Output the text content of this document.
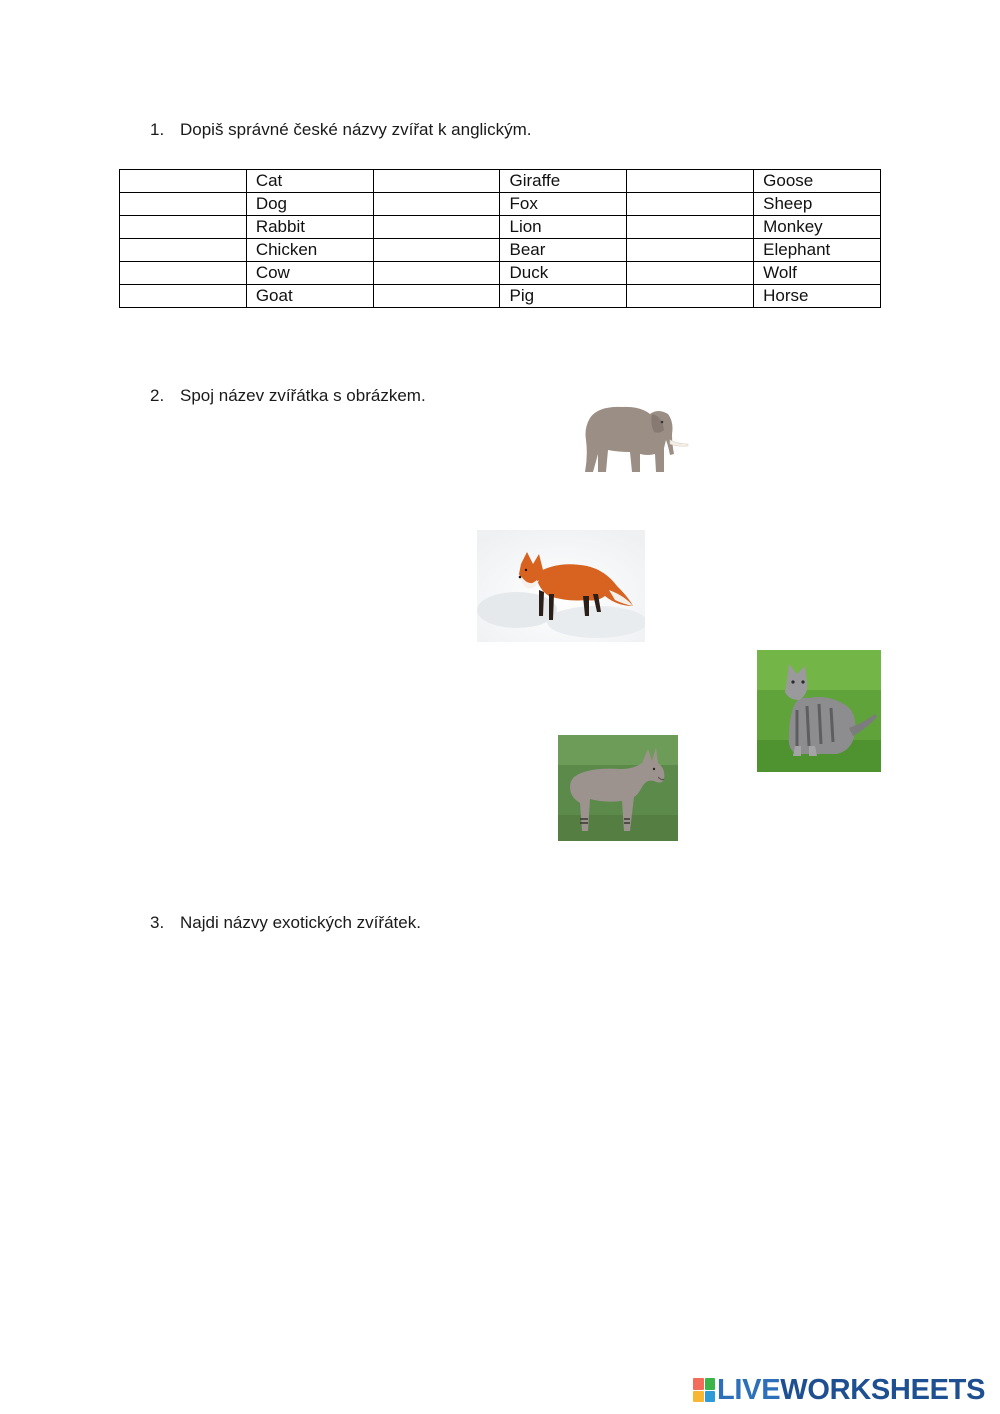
1. Dopiš správné české názvy zvířat k anglickým.
	Cat		Giraffe		Goose
	Dog		Fox		Sheep
	Rabbit		Lion		Monkey
	Chicken		Bear		Elephant
	Cow		Duck		Wolf
	Goat		Pig		Horse
2. Spoj název zvířátka s obrázkem.
3. Najdi názvy exotických zvířátek.
LIVEWORKSHEETS
